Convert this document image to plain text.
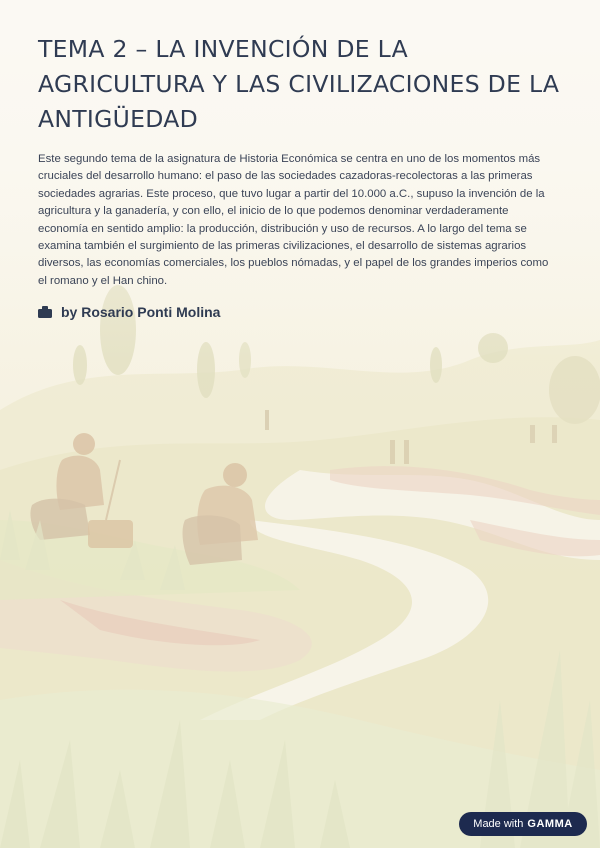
TEMA 2 – LA INVENCIÓN DE LA AGRICULTURA Y LAS CIVILIZACIONES DE LA ANTIGÜEDAD

Este segundo tema de la asignatura de Historia Económica se centra en uno de los momentos más cruciales del desarrollo humano: el paso de las sociedades cazadoras-recolectoras a las primeras sociedades agrarias. Este proceso, que tuvo lugar a partir del 10.000 a.C., supuso la invención de la agricultura y la ganadería, y con ello, el inicio de lo que podemos denominar verdaderamente economía en sentido amplio: la producción, distribución y uso de recursos. A lo largo del tema se examina también el surgimiento de las primeras civilizaciones, el desarrollo de sistemas agrarios diversos, las economías comerciales, los pueblos nómadas, y el papel de los grandes imperios como el romano y el Han chino.

by Rosario Ponti Molina
Made with GAMMA
